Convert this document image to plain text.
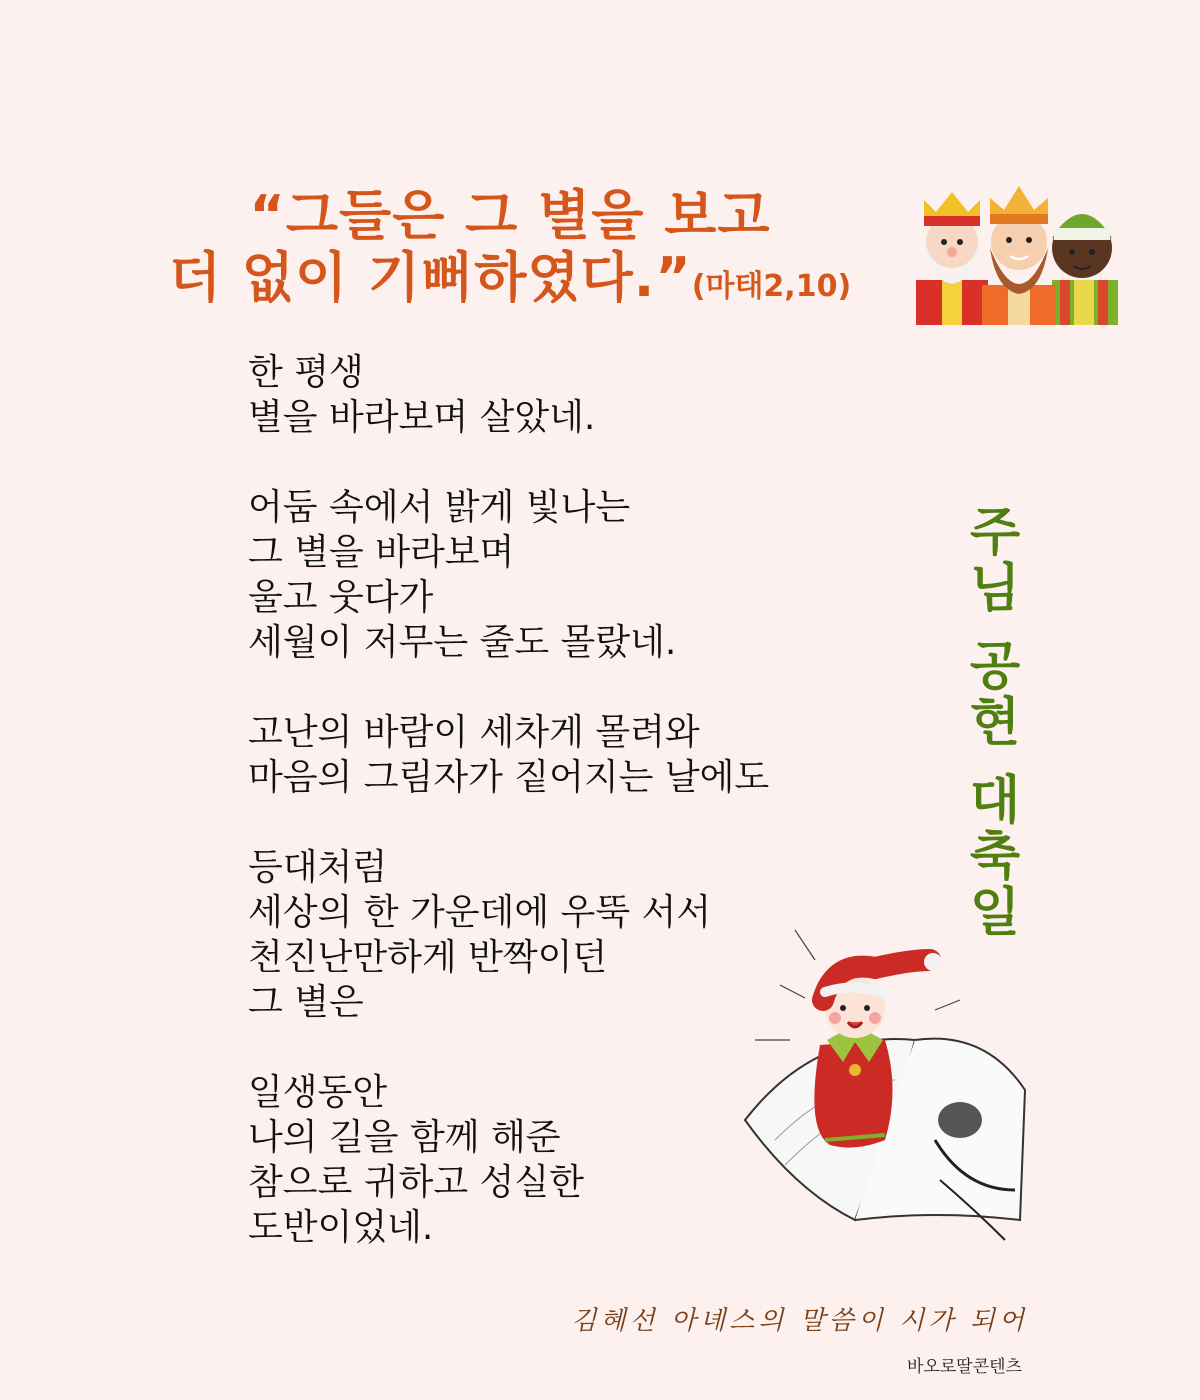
“그들은 그 별을 보고
더 없이 기뻐하였다.”(마태2,10)
한 평생
별을 바라보며 살았네.
어둠 속에서 밝게 빛나는
그 별을 바라보며
울고 웃다가
세월이 저무는 줄도 몰랐네.
고난의 바람이 세차게 몰려와
마음의 그림자가 짙어지는 날에도
등대처럼
세상의 한 가운데에 우뚝 서서
천진난만하게 반짝이던
그 별은
일생동안
나의 길을 함께 해준
참으로 귀하고 성실한
도반이었네.
주
님
공
현
대
축
일
김혜선 아녜스의 말씀이 시가 되어
바오로딸콘텐츠
